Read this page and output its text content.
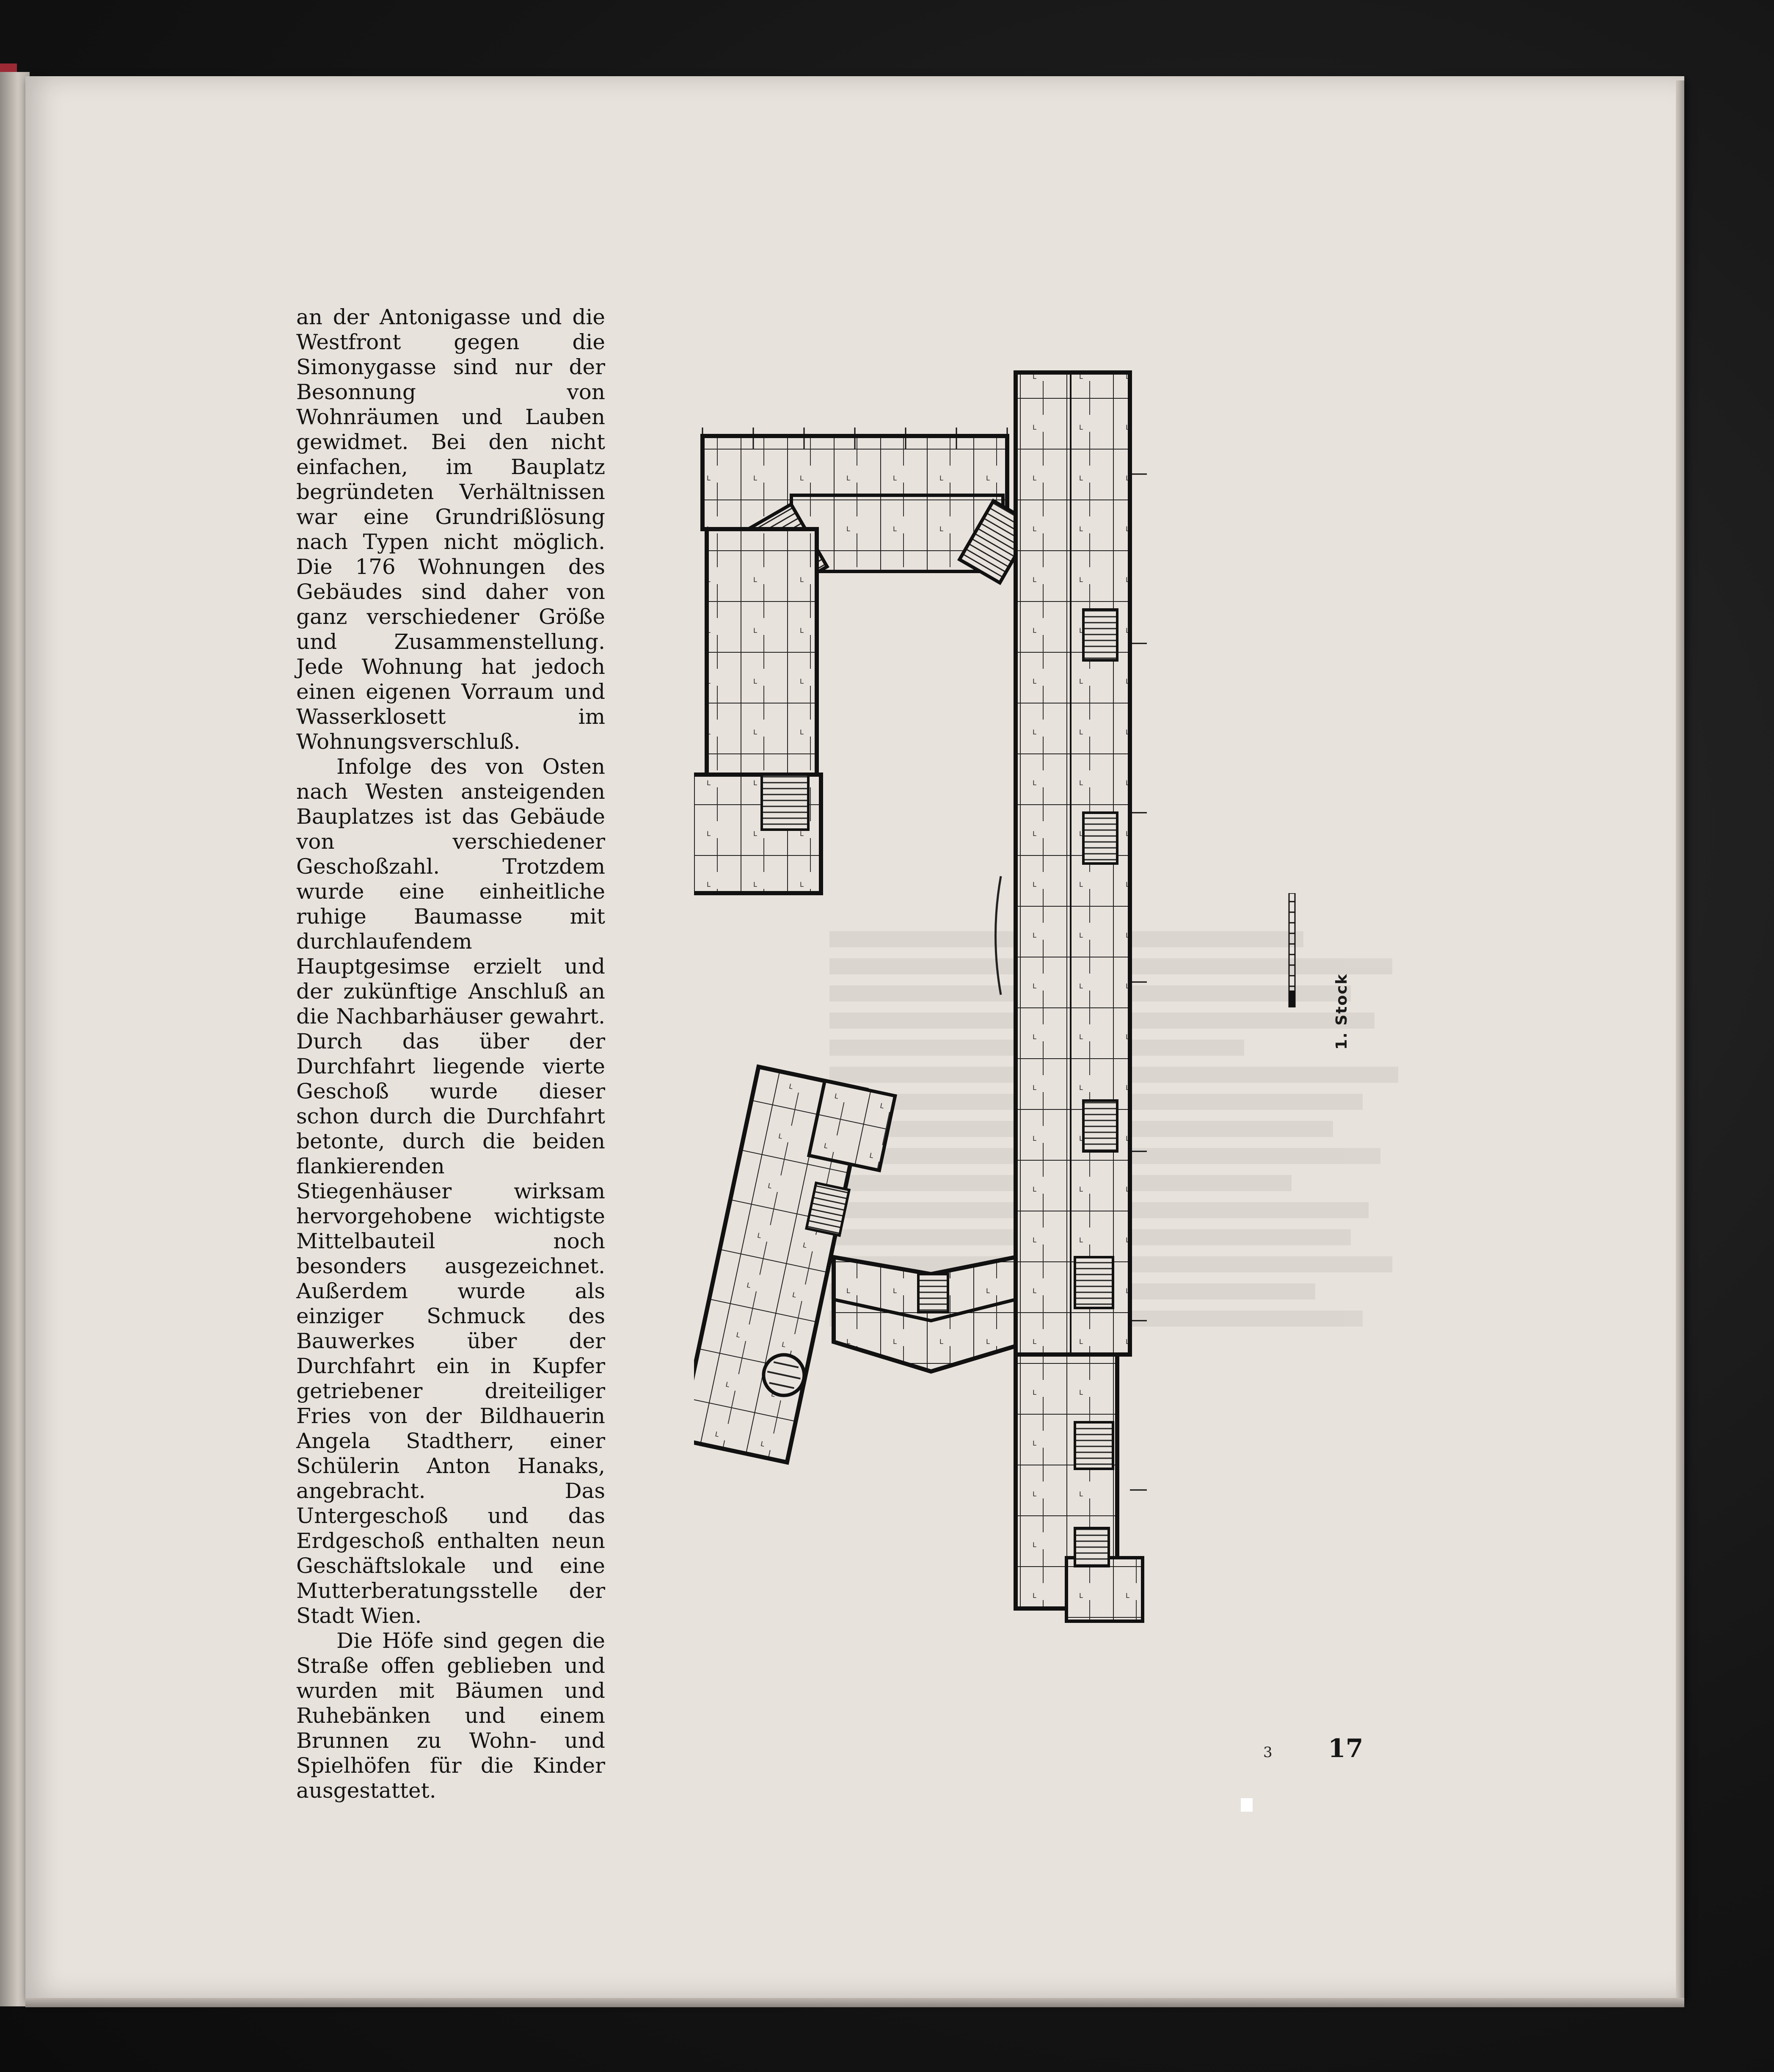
an der Antonigasse und die Westfront gegen die Simonygasse sind nur der Besonnung von Wohnräumen und Lauben gewidmet. Bei den nicht einfachen, im Bauplatz begründeten Verhältnissen war eine Grundrißlösung nach Typen nicht möglich. Die 176 Wohnungen des Gebäudes sind daher von ganz verschiedener Größe und Zusammenstellung. Jede Wohnung hat jedoch einen eigenen Vorraum und Wasserklosett im Wohnungsverschluß.

Infolge des von Osten nach Westen ansteigenden Bauplatzes ist das Gebäude von verschiedener Geschoßzahl. Trotzdem wurde eine einheitliche ruhige Baumasse mit durchlaufendem Hauptgesimse erzielt und der zukünftige Anschluß an die Nachbarhäuser gewahrt. Durch das über der Durchfahrt liegende vierte Geschoß wurde dieser schon durch die Durchfahrt betonte, durch die beiden flankierenden Stiegenhäuser wirksam hervorgehobene wichtigste Mittelbauteil noch besonders ausgezeichnet. Außerdem wurde als einziger Schmuck des Bauwerkes über der Durchfahrt ein in Kupfer getriebener dreiteiliger Fries von der Bildhauerin Angela Stadtherr, einer Schülerin Anton Hanaks, angebracht. Das Untergeschoß und das Erdgeschoß enthalten neun Geschäftslokale und eine Mutterberatungsstelle der Stadt Wien.

Die Höfe sind gegen die Straße offen geblieben und wurden mit Bäumen und Ruhebänken und einem Brunnen zu Wohn- und Spielhöfen für die Kinder ausgestattet.

1. Stock
3 17
